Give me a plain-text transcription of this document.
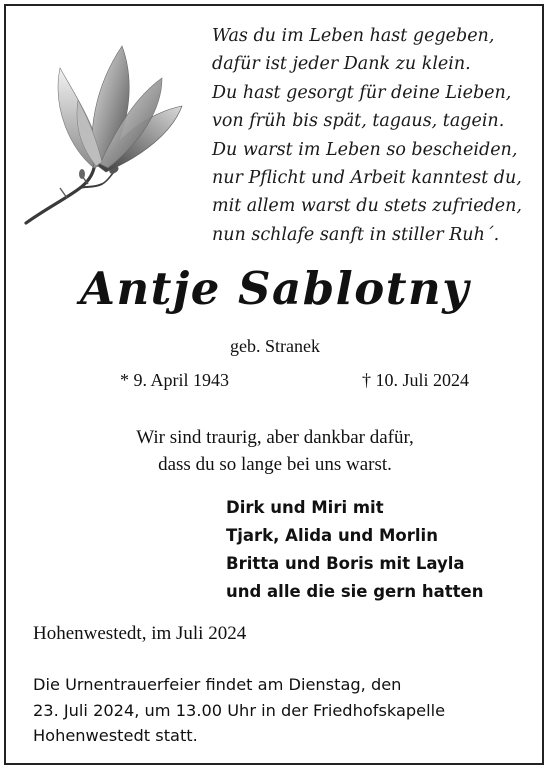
Was du im Leben hast gegeben,
dafür ist jeder Dank zu klein.
Du hast gesorgt für deine Lieben,
von früh bis spät, tagaus, tagein.
Du warst im Leben so bescheiden,
nur Pflicht und Arbeit kanntest du,
mit allem warst du stets zufrieden,
nun schlafe sanft in stiller Ruh´.
Antje Sablotny
geb. Stranek
* 9. April 1943	† 10. Juli 2024
Wir sind traurig, aber dankbar dafür,
dass du so lange bei uns warst.
Dirk und Miri mit
Tjark, Alida und Morlin
Britta und Boris mit Layla
und alle die sie gern hatten
Hohenwestedt, im Juli 2024
Die Urnentrauerfeier findet am Dienstag, den
23. Juli 2024, um 13.00 Uhr in der Friedhofskapelle
Hohenwestedt statt.
